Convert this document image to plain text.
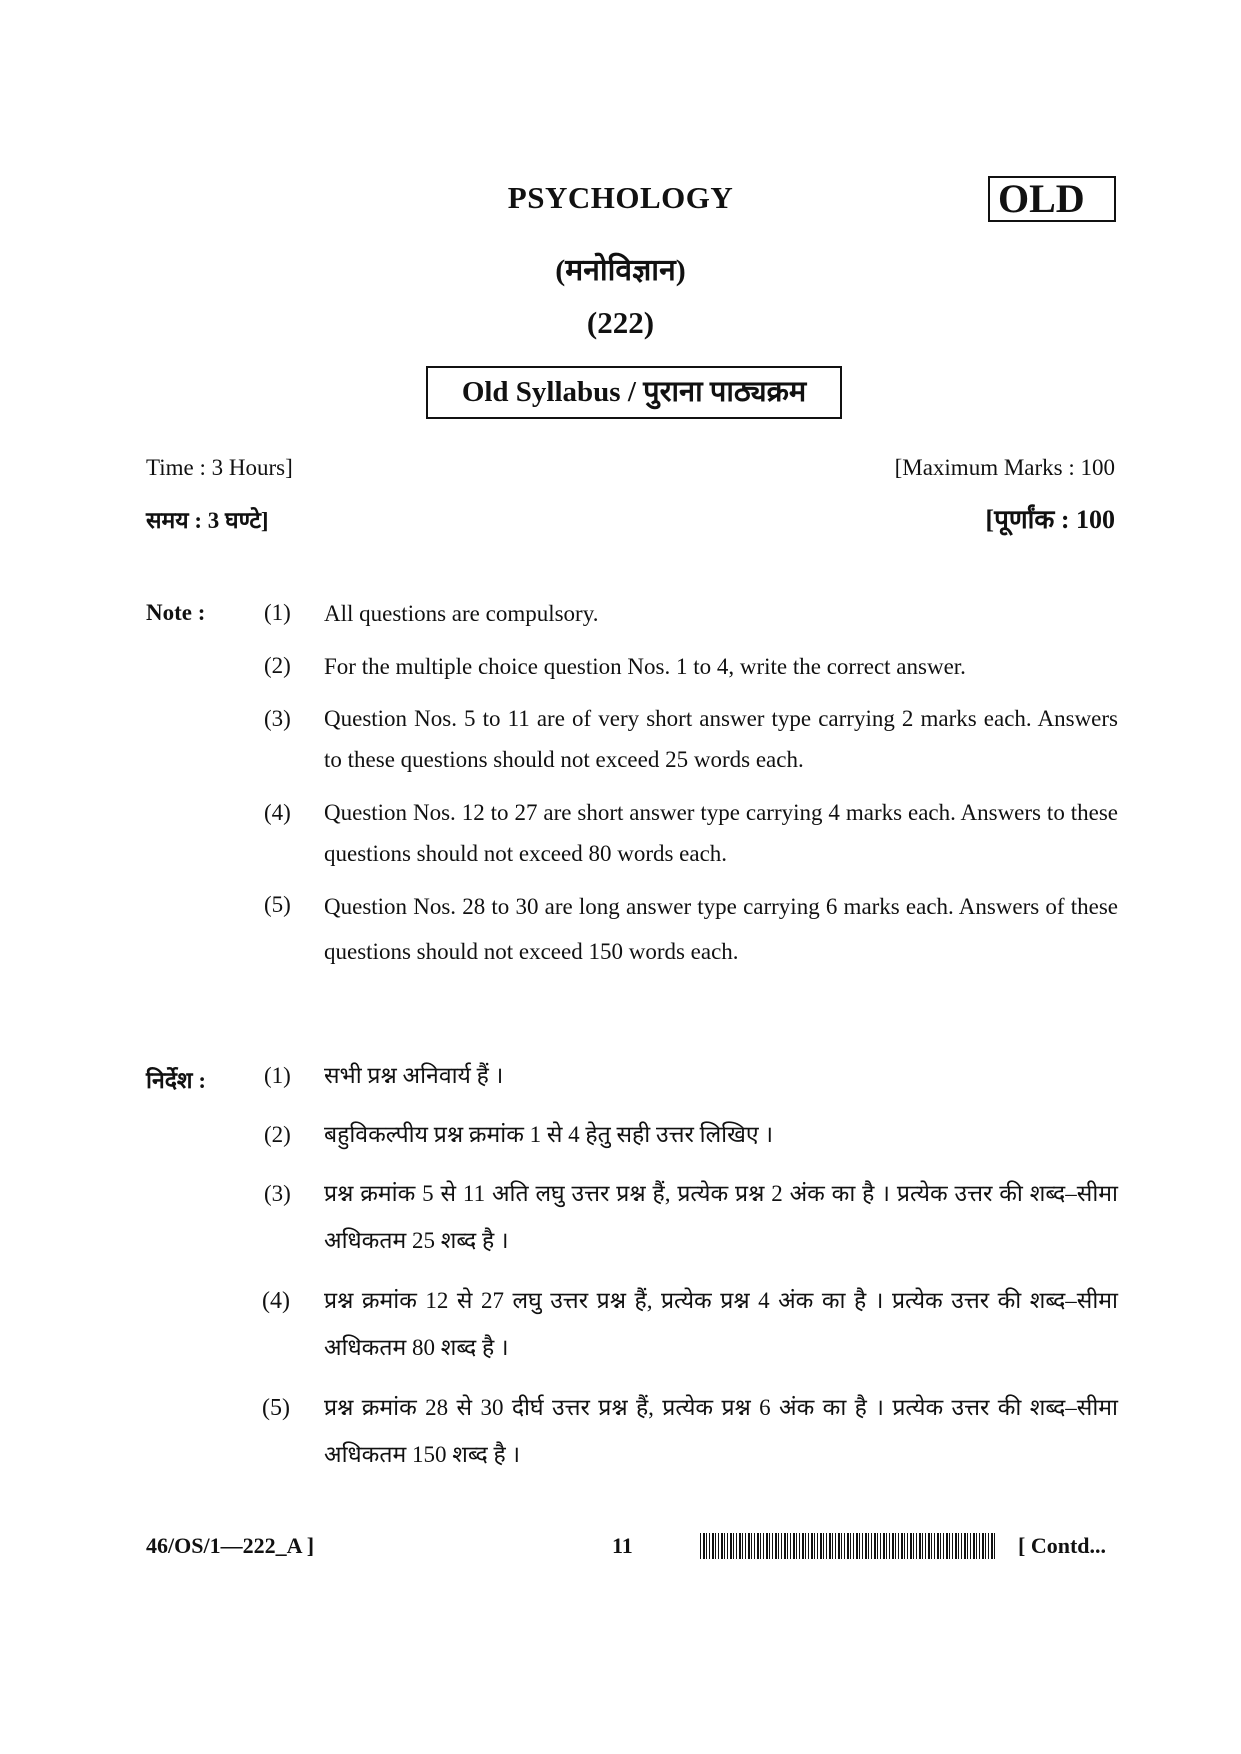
PSYCHOLOGY	OLD
(मनोविज्ञान)
(222)
Old Syllabus / पुराना पाठ्यक्रम
Time : 3 Hours]	[Maximum Marks : 100
समय : 3 घण्टे]	[पूर्णांक : 100
Note :	(1) All questions are compulsory.
(2) For the multiple choice question Nos. 1 to 4, write the correct answer.
(3) Question Nos. 5 to 11 are of very short answer type carrying 2 marks each. Answers to these questions should not exceed 25 words each.
(4) Question Nos. 12 to 27 are short answer type carrying 4 marks each. Answers to these questions should not exceed 80 words each.
(5) Question Nos. 28 to 30 are long answer type carrying 6 marks each. Answers of these questions should not exceed 150 words each.
निर्देश :	(1) सभी प्रश्न अनिवार्य हैं ।
(2) बहुविकल्पीय प्रश्न क्रमांक 1 से 4 हेतु सही उत्तर लिखिए ।
(3) प्रश्न क्रमांक 5 से 11 अति लघु उत्तर प्रश्न हैं, प्रत्येक प्रश्न 2 अंक का है । प्रत्येक उत्तर की शब्द–सीमा अधिकतम 25 शब्द है ।
(4) प्रश्न क्रमांक 12 से 27 लघु उत्तर प्रश्न हैं, प्रत्येक प्रश्न 4 अंक का है । प्रत्येक उत्तर की शब्द–सीमा अधिकतम 80 शब्द है ।
(5) प्रश्न क्रमांक 28 से 30 दीर्घ उत्तर प्रश्न हैं, प्रत्येक प्रश्न 6 अंक का है । प्रत्येक उत्तर की शब्द–सीमा अधिकतम 150 शब्द है ।
46/OS/1—222_A ]	11	[ Contd...
